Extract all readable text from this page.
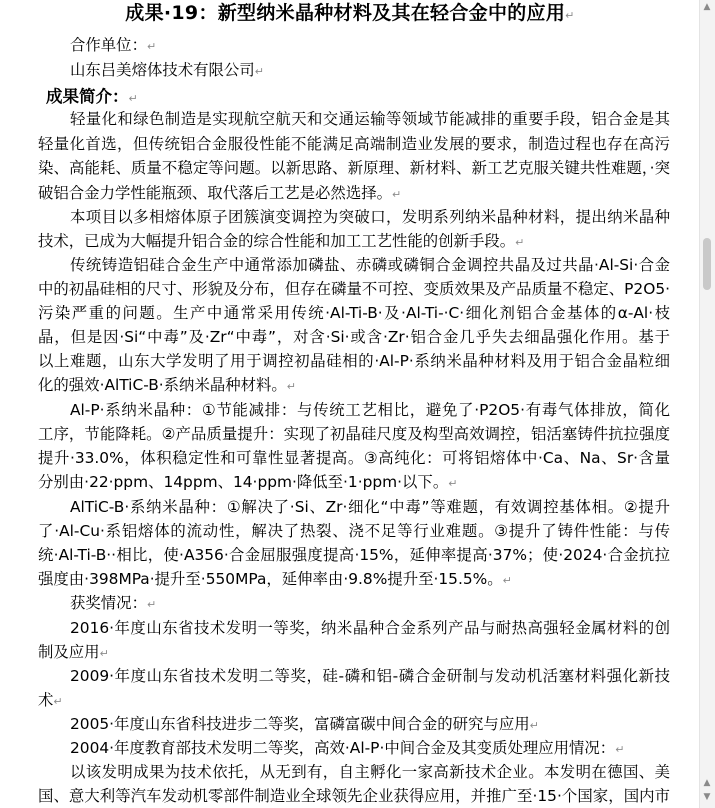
成果·19：新型纳米晶种材料及其在轻合金中的应用↵
合作单位：↵
山东吕美熔体技术有限公司↵
成果简介：↵
轻量化和绿色制造是实现航空航天和交通运输等领域节能减排的重要手段，铝合金是其
轻量化首选，但传统铝合金服役性能不能满足高端制造业发展的要求，制造过程也存在高污
染、高能耗、质量不稳定等问题。以新思路、新原理、新材料、新工艺克服关键共性难题，·突
破铝合金力学性能瓶颈、取代落后工艺是必然选择。↵
本项目以多相熔体原子团簇演变调控为突破口，发明系列纳米晶种材料，提出纳米晶种
技术，已成为大幅提升铝合金的综合性能和加工工艺性能的创新手段。↵
传统铸造铝硅合金生产中通常添加磷盐、赤磷或磷铜合金调控共晶及过共晶·Al-Si·合金
中的初晶硅相的尺寸、形貌及分布，但存在磷量不可控、变质效果及产品质量不稳定、P2O5·
污染严重的问题。生产中通常采用传统·Al-Ti-B·及·Al-Ti-·C·细化剂铝合金基体的α-Al·枝
晶，但是因·Si“中毒”及·Zr“中毒”，对含·Si·或含·Zr·铝合金几乎失去细晶强化作用。基于
以上难题，山东大学发明了用于调控初晶硅相的·Al-P·系纳米晶种材料及用于铝合金晶粒细
化的强效·AlTiC-B·系纳米晶种材料。↵
Al-P·系纳米晶种：①节能减排：与传统工艺相比，避免了·P2O5·有毒气体排放，简化
工序，节能降耗。②产品质量提升：实现了初晶硅尺度及构型高效调控，铝活塞铸件抗拉强度
提升·33.0%，体积稳定性和可靠性显著提高。③高纯化：可将铝熔体中·Ca、Na、Sr·含量
分别由·22·ppm、14ppm、14·ppm·降低至·1·ppm·以下。↵
AlTiC-B·系纳米晶种：①解决了·Si、Zr·细化“中毒”等难题，有效调控基体相。②提升
了·Al-Cu·系铝熔体的流动性，解决了热裂、浇不足等行业难题。③提升了铸件性能：与传
统·Al-Ti-B··相比，使·A356·合金屈服强度提高·15%，延伸率提高·37%；使·2024·合金抗拉
强度由·398MPa·提升至·550MPa，延伸率由·9.8%提升至·15.5%。↵
获奖情况：↵
2016·年度山东省技术发明一等奖，纳米晶种合金系列产品与耐热高强轻金属材料的创
制及应用↵
2009·年度山东省技术发明二等奖，硅-磷和铝-磷合金研制与发动机活塞材料强化新技
术↵
2005·年度山东省科技进步二等奖，富磷富碳中间合金的研究与应用↵
2004·年度教育部技术发明二等奖，高效·Al-P·中间合金及其变质处理应用情况：↵
以该发明成果为技术依托，从无到有，自主孵化一家高新技术企业。本发明在德国、美
国、意大利等汽车发动机零部件制造业全球领先企业获得应用，并推广至·15·个国家，国内市
▲
▲
▼
